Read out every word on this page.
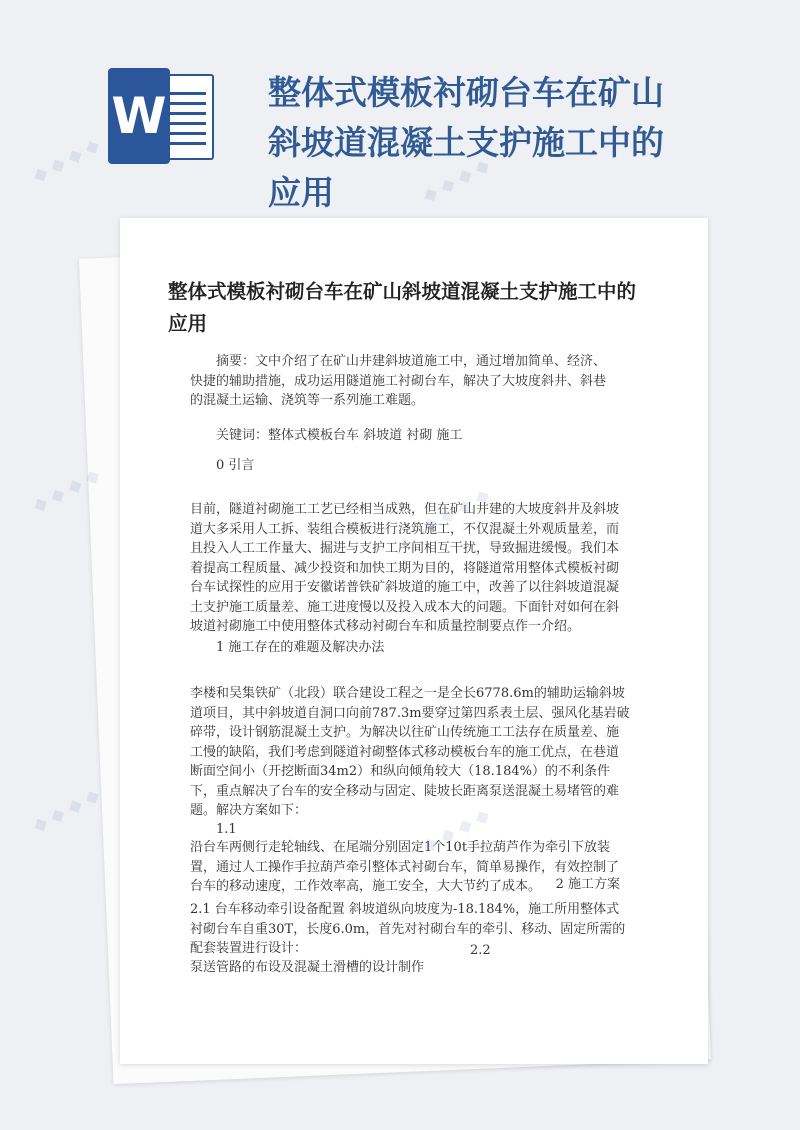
W	整体式模板衬砌台车在矿山斜坡道混凝土支护施工中的应用
整体式模板衬砌台车在矿山斜坡道混凝土支护施工中的应用

摘要：文中介绍了在矿山井建斜坡道施工中，通过增加简单、经济、快捷的辅助措施，成功运用隧道施工衬砌台车，解决了大坡度斜井、斜巷的混凝土运输、浇筑等一系列施工难题。

关键词：整体式模板台车 斜坡道 衬砌 施工

0 引言

目前，隧道衬砌施工工艺已经相当成熟，但在矿山井建的大坡度斜井及斜坡道大多采用人工拆、装组合模板进行浇筑施工，不仅混凝土外观质量差，而且投入人工工作量大、掘进与支护工序间相互干扰，导致掘进缓慢。我们本着提高工程质量、减少投资和加快工期为目的，将隧道常用整体式模板衬砌台车试探性的应用于安徽诺普铁矿斜坡道的施工中，改善了以往斜坡道混凝土支护施工质量差、施工进度慢以及投入成本大的问题。下面针对如何在斜坡道衬砌施工中使用整体式移动衬砌台车和质量控制要点作一介绍。

1 施工存在的难题及解决办法

李楼和吴集铁矿（北段）联合建设工程之一是全长6778.6m的辅助运输斜坡道项目，其中斜坡道自洞口向前787.3m要穿过第四系表土层、强风化基岩破碎带，设计钢筋混凝土支护。为解决以往矿山传统施工工法存在质量差、施工慢的缺陷，我们考虑到隧道衬砌整体式移动模板台车的施工优点，在巷道断面空间小（开挖断面34m2）和纵向倾角较大（18.184%）的不利条件下，重点解决了台车的安全移动与固定、陡坡长距离泵送混凝土易堵管的难题。解决方案如下：

1.1

沿台车两侧行走轮轴线、在尾端分别固定1个10t手拉葫芦作为牵引下放装置，通过人工操作手拉葫芦牵引整体式衬砌台车，简单易操作，有效控制了台车的移动速度，工作效率高，施工安全，大大节约了成本。	2 施工方案

2.1 台车移动牵引设备配置 斜坡道纵向坡度为-18.184%，施工所用整体式衬砌台车自重30T，长度6.0m，首先对衬砌台车的牵引、移动、固定所需的配套装置进行设计：	2.2

泵送管路的布设及混凝土滑槽的设计制作

◆ ◆ ◆ ◆	◆ ◆ ◆ ◆
◆ ◆ ◆ ◆
◆ ◆ ◆ ◆
